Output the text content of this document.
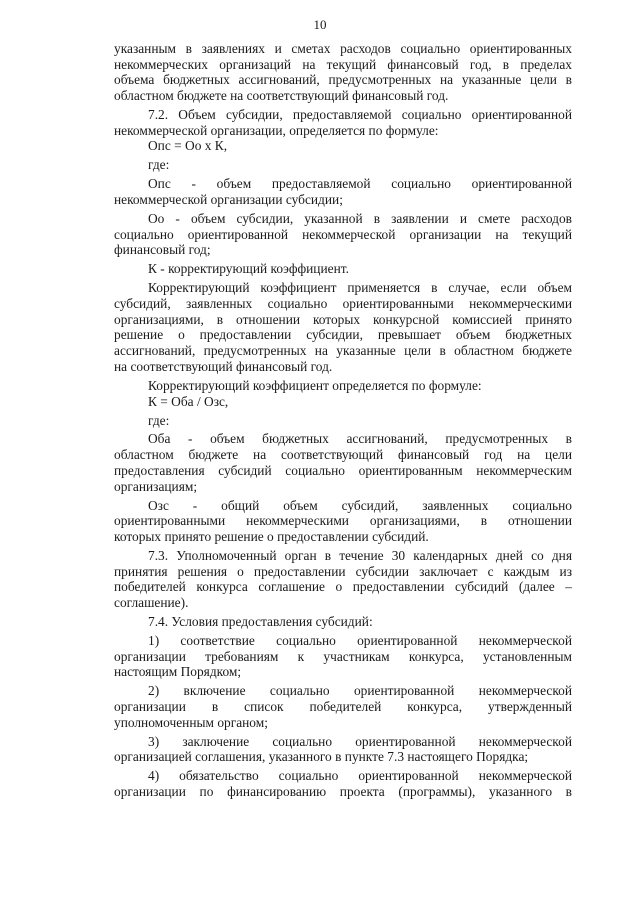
10
указанным в заявлениях и сметах расходов социально ориентированных
некоммерческих организаций на текущий финансовый год, в пределах
объема бюджетных ассигнований, предусмотренных на указанные цели в
областном бюджете на соответствующий финансовый год.
7.2. Объем субсидии, предоставляемой социально ориентированной
некоммерческой организации, определяется по формуле:
Опс = Оо х К,
где:
Опс - объем предоставляемой социально ориентированной
некоммерческой организации субсидии;
Оо - объем субсидии, указанной в заявлении и смете расходов
социально ориентированной некоммерческой организации на текущий
финансовый год;
К - корректирующий коэффициент.
Корректирующий коэффициент применяется в случае, если объем
субсидий, заявленных социально ориентированными некоммерческими
организациями, в отношении которых конкурсной комиссией принято
решение о предоставлении субсидии, превышает объем бюджетных
ассигнований, предусмотренных на указанные цели в областном бюджете
на соответствующий финансовый год.
Корректирующий коэффициент определяется по формуле:
К = Оба / Озс,
где:
Оба - объем бюджетных ассигнований, предусмотренных в
областном бюджете на соответствующий финансовый год на цели
предоставления субсидий социально ориентированным некоммерческим
организациям;
Озс - общий объем субсидий, заявленных социально
ориентированными некоммерческими организациями, в отношении
которых принято решение о предоставлении субсидий.
7.3. Уполномоченный орган в течение 30 календарных дней со дня
принятия решения о предоставлении субсидии заключает с каждым из
победителей конкурса соглашение о предоставлении субсидий (далее –
соглашение).
7.4. Условия предоставления субсидий:
1) соответствие социально ориентированной некоммерческой
организации требованиям к участникам конкурса, установленным
настоящим Порядком;
2) включение социально ориентированной некоммерческой
организации в список победителей конкурса, утвержденный
уполномоченным органом;
3) заключение социально ориентированной некоммерческой
организацией соглашения, указанного в пункте 7.3 настоящего Порядка;
4) обязательство социально ориентированной некоммерческой
организации по финансированию проекта (программы), указанного в
